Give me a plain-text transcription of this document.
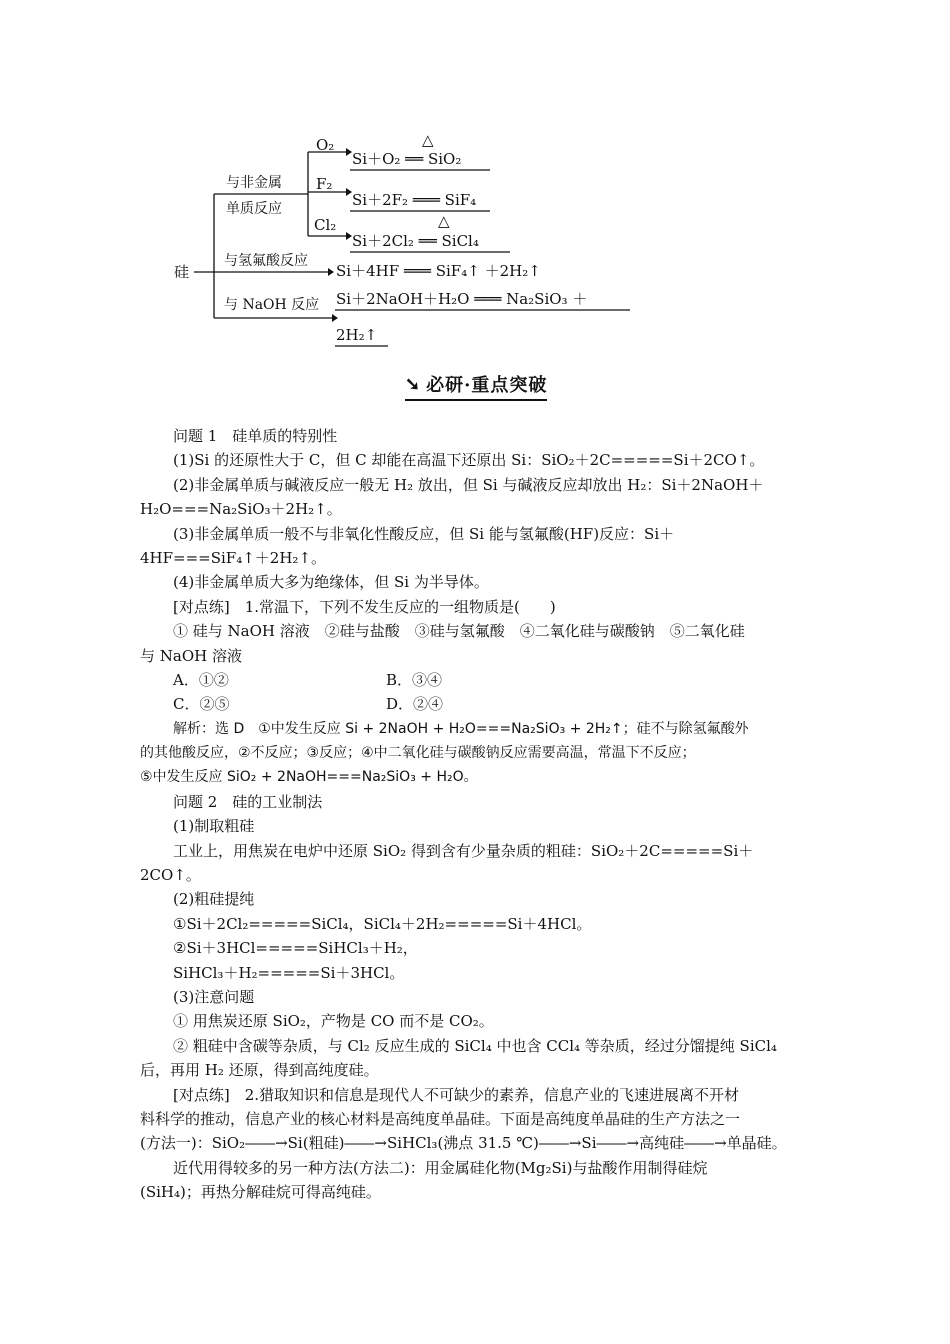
硅
与非金属
单质反应
O₂	△
Si＋O₂ ══ SiO₂
F₂
Si＋2F₂ ═══ SiF₄
Cl₂	△
Si＋2Cl₂ ══ SiCl₄
与氢氟酸反应
Si＋4HF ═══ SiF₄↑ ＋2H₂↑
与 NaOH 反应 Si＋2NaOH＋H₂O ═══ Na₂SiO₃ ＋
2H₂↑
➘ 必研·重点突破
问题 1　硅单质的特别性
(1)Si 的还原性大于 C，但 C 却能在高温下还原出 Si：SiO₂＋2C=====Si＋2CO↑。
(2)非金属单质与碱液反应一般无 H₂ 放出，但 Si 与碱液反应却放出 H₂：Si＋2NaOH＋
H₂O===Na₂SiO₃＋2H₂↑。
(3)非金属单质一般不与非氧化性酸反应，但 Si 能与氢氟酸(HF)反应：Si＋
4HF===SiF₄↑＋2H₂↑。
(4)非金属单质大多为绝缘体，但 Si 为半导体。
[对点练]　1.常温下，下列不发生反应的一组物质是(　　)
① 硅与 NaOH 溶液　②硅与盐酸　③硅与氢氟酸　④二氧化硅与碳酸钠　⑤二氧化硅
与 NaOH 溶液
A．①②	B．③④
C．②⑤	D．②④
解析：选 D　①中发生反应 Si + 2NaOH + H₂O===Na₂SiO₃ + 2H₂↑；硅不与除氢氟酸外
的其他酸反应，②不反应；③反应；④中二氧化硅与碳酸钠反应需要高温，常温下不反应；
⑤中发生反应 SiO₂ + 2NaOH===Na₂SiO₃ + H₂O。
问题 2　硅的工业制法
(1)制取粗硅
工业上，用焦炭在电炉中还原 SiO₂ 得到含有少量杂质的粗硅：SiO₂＋2C=====Si＋
2CO↑。
(2)粗硅提纯
①Si＋2Cl₂=====SiCl₄，SiCl₄＋2H₂=====Si＋4HCl。
②Si＋3HCl=====SiHCl₃＋H₂，
SiHCl₃＋H₂=====Si＋3HCl。
(3)注意问题
① 用焦炭还原 SiO₂，产物是 CO 而不是 CO₂。
② 粗硅中含碳等杂质，与 Cl₂ 反应生成的 SiCl₄ 中也含 CCl₄ 等杂质，经过分馏提纯 SiCl₄
后，再用 H₂ 还原，得到高纯度硅。
[对点练]　2.猎取知识和信息是现代人不可缺少的素养，信息产业的飞速进展离不开材
料科学的推动，信息产业的核心材料是高纯度单晶硅。下面是高纯度单晶硅的生产方法之一
(方法一)：SiO₂――→Si(粗硅)――→SiHCl₃(沸点 31.5 ℃)――→Si――→高纯硅――→单晶硅。
近代用得较多的另一种方法(方法二)：用金属硅化物(Mg₂Si)与盐酸作用制得硅烷
(SiH₄)；再热分解硅烷可得高纯硅。
